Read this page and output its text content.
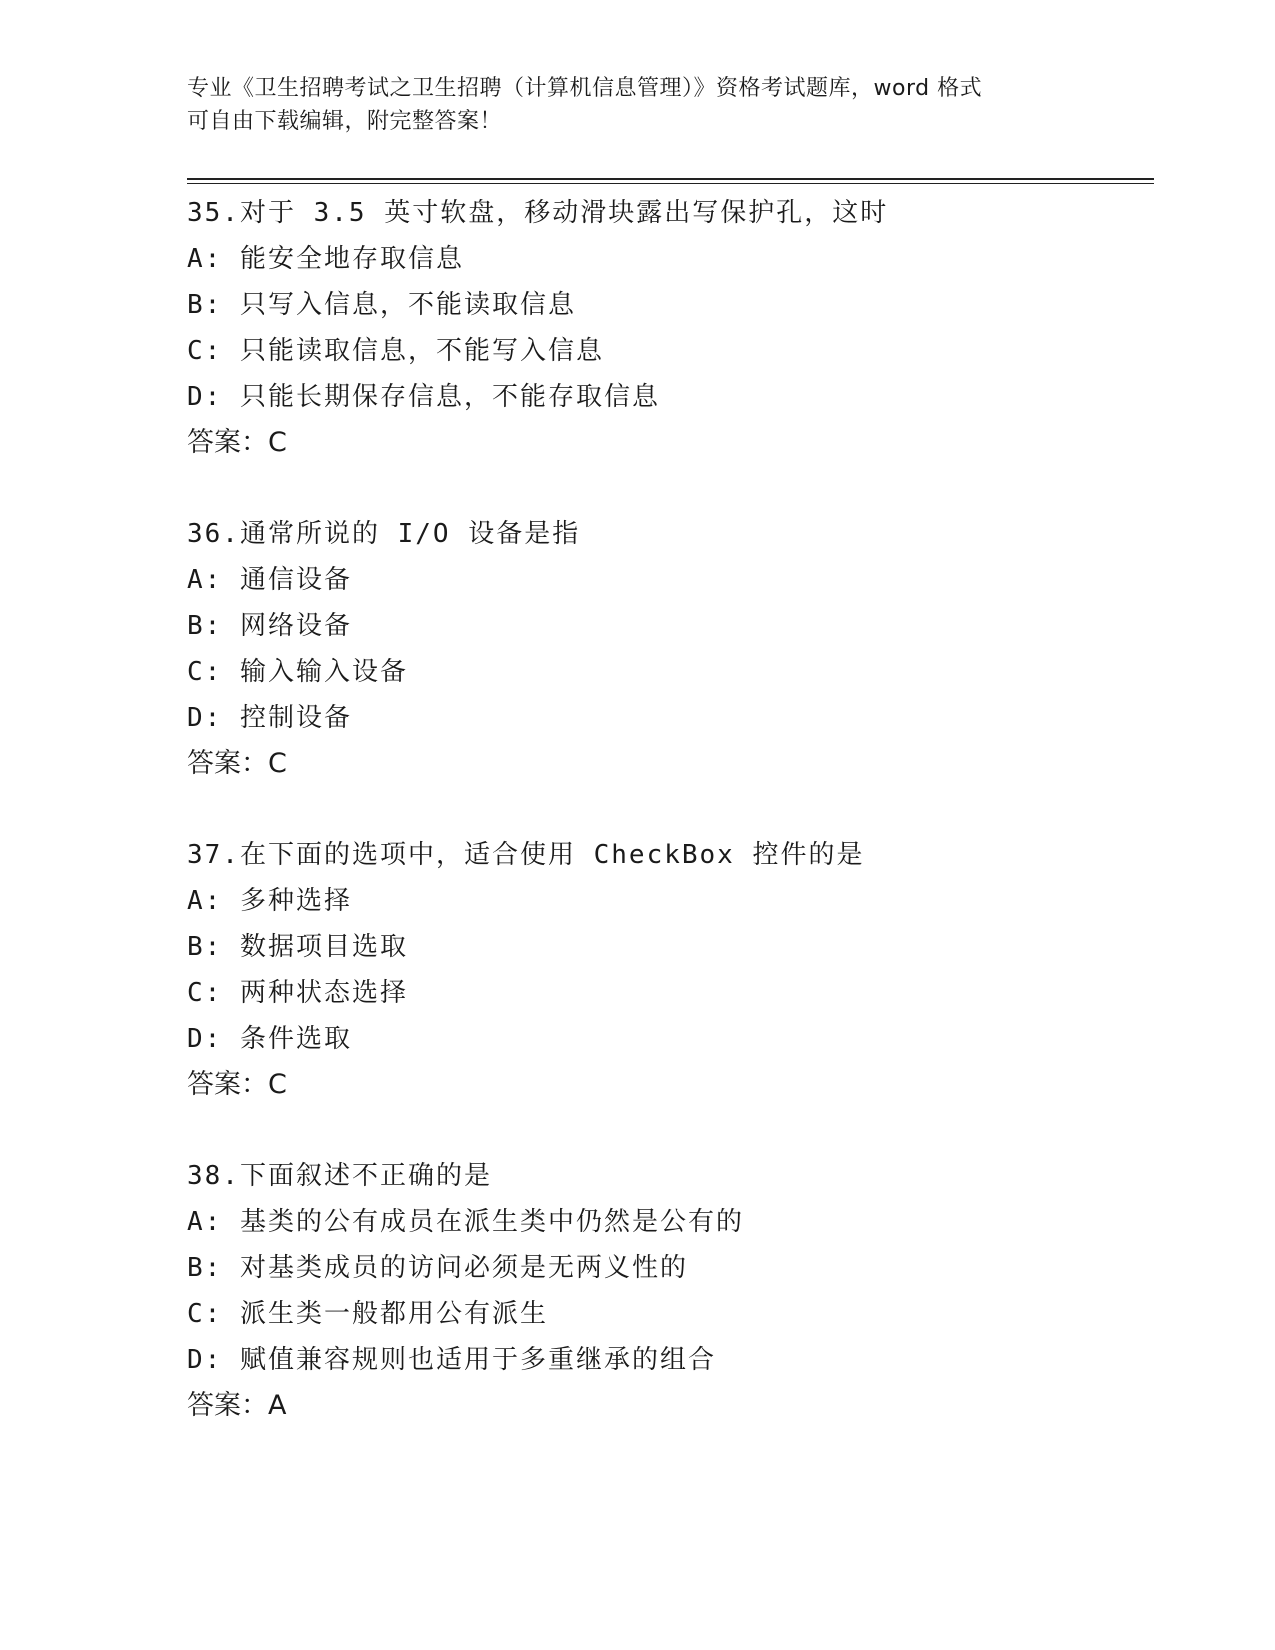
专业《卫生招聘考试之卫生招聘（计算机信息管理）》资格考试题库，word 格式
可自由下载编辑，附完整答案！
35.对于 3.5 英寸软盘，移动滑块露出写保护孔，这时
A: 能安全地存取信息
B: 只写入信息，不能读取信息
C: 只能读取信息，不能写入信息
D: 只能长期保存信息，不能存取信息
答案：C
36.通常所说的 I/O 设备是指
A: 通信设备
B: 网络设备
C: 输入输入设备
D: 控制设备
答案：C
37.在下面的选项中，适合使用 CheckBox 控件的是
A: 多种选择
B: 数据项目选取
C: 两种状态选择
D: 条件选取
答案：C
38.下面叙述不正确的是
A: 基类的公有成员在派生类中仍然是公有的
B: 对基类成员的访问必须是无两义性的
C: 派生类一般都用公有派生
D: 赋值兼容规则也适用于多重继承的组合
答案：A
